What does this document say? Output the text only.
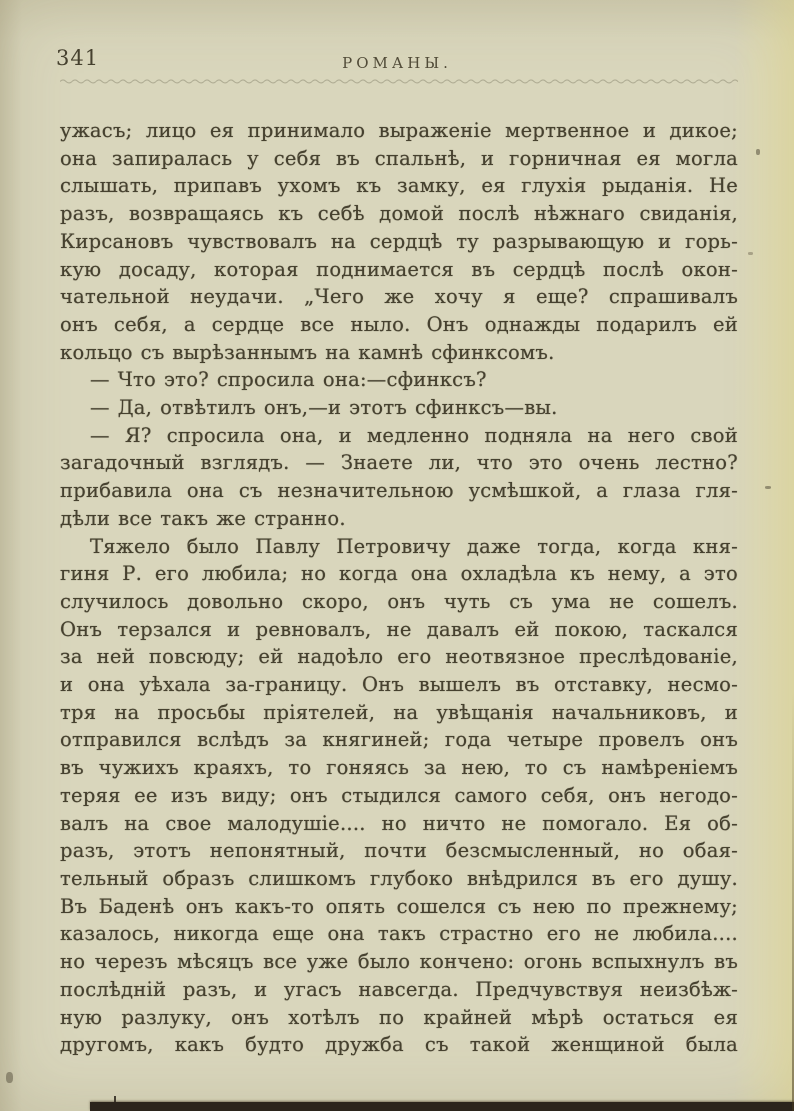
341	РОМАНЫ.
ужасъ; лицо ея принимало выраженіе мертвенное и дикое;
она запиралась у себя въ спальнѣ, и горничная ея могла
слышать, припавъ ухомъ къ замку, ея глухія рыданія. Не
разъ, возвращаясь къ себѣ домой послѣ нѣжнаго свиданія,
Кирсановъ чувствовалъ на сердцѣ ту разрывающую и горь-
кую досаду, которая поднимается въ сердцѣ послѣ окон-
чательной неудачи. „Чего же хочу я еще? спрашивалъ
онъ себя, а сердце все ныло. Онъ однажды подарилъ ей
кольцо съ вырѣзаннымъ на камнѣ сфинксомъ.
— Что это? спросила она:—сфинксъ?
— Да, отвѣтилъ онъ,—и этотъ сфинксъ—вы.
— Я? спросила она, и медленно подняла на него свой
загадочный взглядъ. — Знаете ли, что это очень лестно?
прибавила она съ незначительною усмѣшкой, а глаза гля-
дѣли все такъ же странно.
Тяжело было Павлу Петровичу даже тогда, когда кня-
гиня Р. его любила; но когда она охладѣла къ нему, а это
случилось довольно скоро, онъ чуть съ ума не сошелъ.
Онъ терзался и ревновалъ, не давалъ ей покою, таскался
за ней повсюду; ей надоѣло его неотвязное преслѣдованіе,
и она уѣхала за-границу. Онъ вышелъ въ отставку, несмо-
тря на просьбы пріятелей, на увѣщанія начальниковъ, и
отправился вслѣдъ за княгиней; года четыре провелъ онъ
въ чужихъ краяхъ, то гоняясь за нею, то съ намѣреніемъ
теряя ее изъ виду; онъ стыдился самого себя, онъ негодо-
валъ на свое малодушіе.... но ничто не помогало. Ея об-
разъ, этотъ непонятный, почти безсмысленный, но обая-
тельный образъ слишкомъ глубоко внѣдрился въ его душу.
Въ Баденѣ онъ какъ-то опять сошелся съ нею по прежнему;
казалось, никогда еще она такъ страстно его не любила....
но черезъ мѣсяцъ все уже было кончено: огонь вспыхнулъ въ
послѣдній разъ, и угасъ навсегда. Предчувствуя неизбѣж-
ную разлуку, онъ хотѣлъ по крайней мѣрѣ остаться ея
другомъ, какъ будто дружба съ такой женщиной была
